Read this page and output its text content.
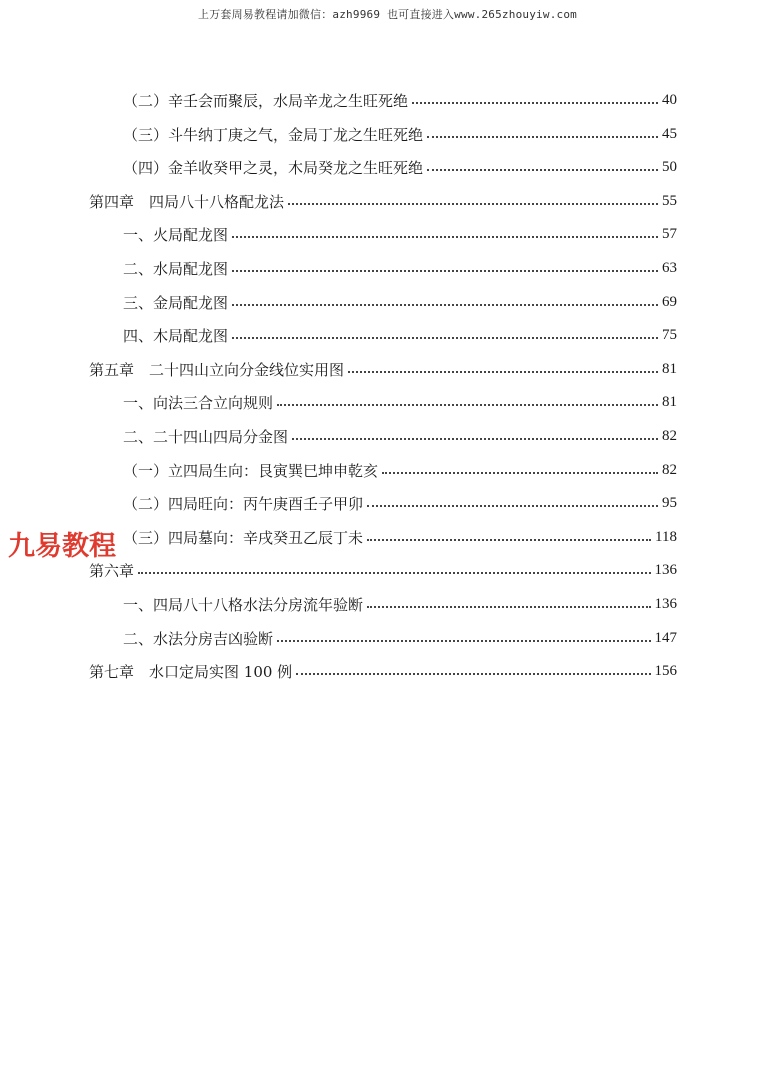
上万套周易教程请加微信：azh9969 也可直接进入www.265zhouyiw.com
（二）辛壬会而聚辰，水局辛龙之生旺死绝	40
（三）斗牛纳丁庚之气，金局丁龙之生旺死绝	45
（四）金羊收癸甲之灵，木局癸龙之生旺死绝	50
第四章　四局八十八格配龙法	55
一、火局配龙图	57
二、水局配龙图	63
三、金局配龙图	69
四、木局配龙图	75
第五章　二十四山立向分金线位实用图	81
一、向法三合立向规则	81
二、二十四山四局分金图	82
（一）立四局生向：艮寅巽巳坤申乾亥	82
（二）四局旺向：丙午庚酉壬子甲卯	95
（三）四局墓向：辛戌癸丑乙辰丁未	118
第六章	136
一、四局八十八格水法分房流年验断	136
二、水法分房吉凶验断	147
第七章　水口定局实图 100 例	156
九易教程
